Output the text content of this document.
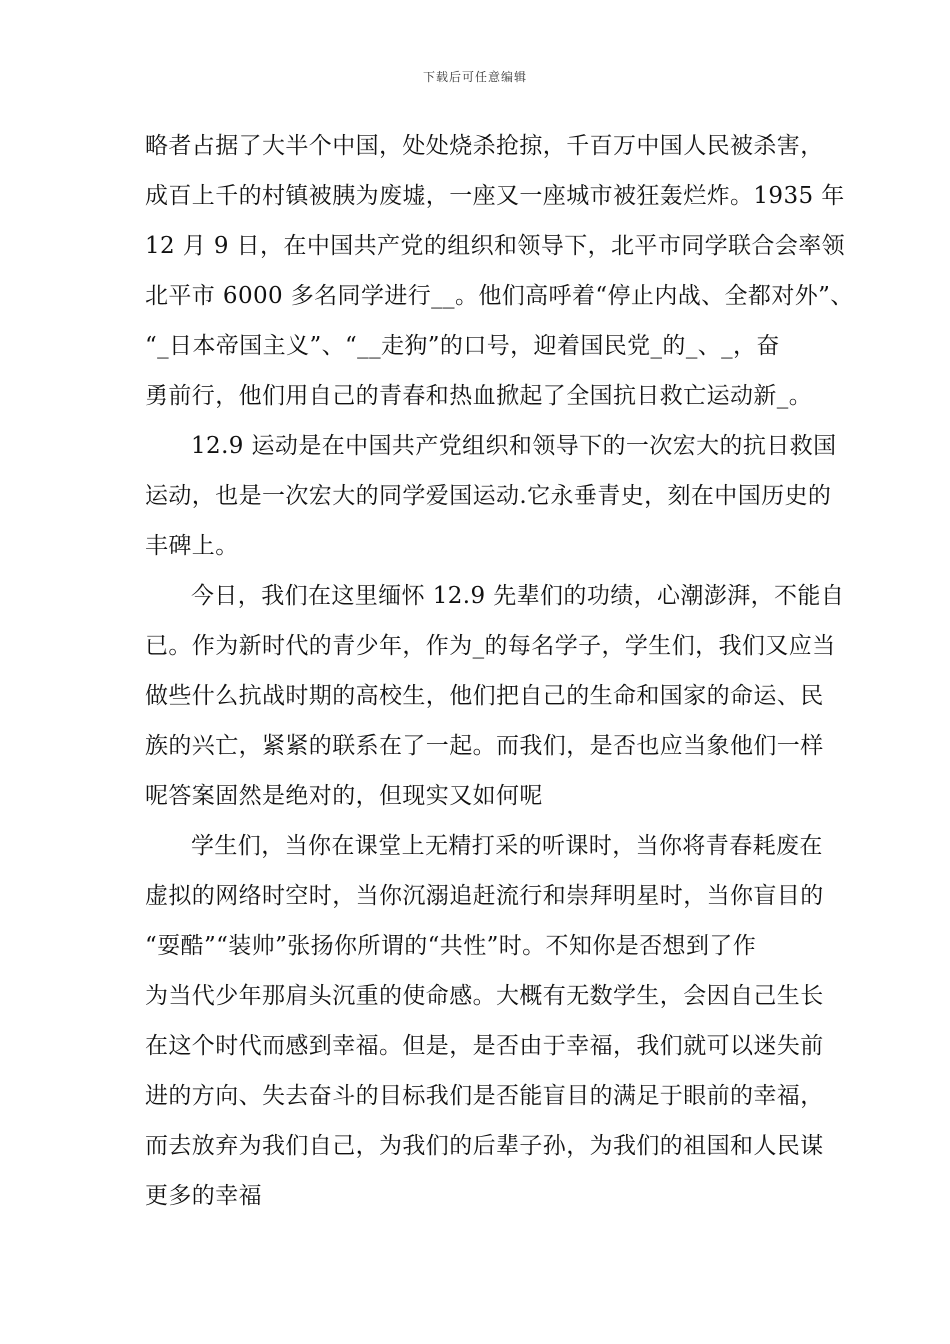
下载后可任意编辑
略者占据了大半个中国，处处烧杀抢掠，千百万中国人民被杀害，
成百上千的村镇被胰为废墟，一座又一座城市被狂轰烂炸。1935 年
12 月 9 日，在中国共产党的组织和领导下，北平市同学联合会率领
北平市 6000 多名同学进行__。他们高呼着“停止内战、全都对外”、
“_日本帝国主义”、“__走狗”的口号，迎着国民党_的_、_，奋
勇前行，他们用自己的青春和热血掀起了全国抗日救亡运动新_。
12.9 运动是在中国共产党组织和领导下的一次宏大的抗日救国
运动，也是一次宏大的同学爱国运动.它永垂青史，刻在中国历史的
丰碑上。
今日，我们在这里缅怀 12.9 先辈们的功绩，心潮澎湃，不能自
已。作为新时代的青少年，作为_的每名学子，学生们，我们又应当
做些什么抗战时期的高校生，他们把自己的生命和国家的命运、民
族的兴亡，紧紧的联系在了一起。而我们，是否也应当象他们一样
呢答案固然是绝对的，但现实又如何呢
学生们，当你在课堂上无精打采的听课时，当你将青春耗废在
虚拟的网络时空时，当你沉溺追赶流行和崇拜明星时，当你盲目的
“耍酷”“装帅”张扬你所谓的“共性”时。不知你是否想到了作
为当代少年那肩头沉重的使命感。大概有无数学生，会因自己生长
在这个时代而感到幸福。但是，是否由于幸福，我们就可以迷失前
进的方向、失去奋斗的目标我们是否能盲目的满足于眼前的幸福，
而去放弃为我们自己，为我们的后辈子孙，为我们的祖国和人民谋
更多的幸福
